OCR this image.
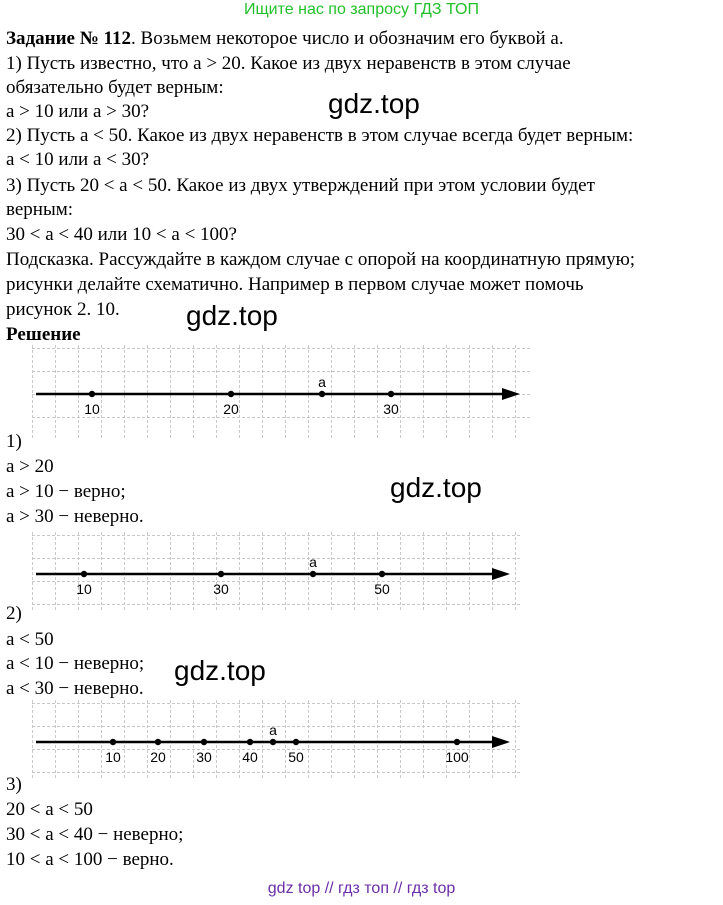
Ищите нас по запросу ГДЗ ТОП
Задание № 112. Возьмем некоторое число и обозначим его буквой a.
1) Пусть известно, что a > 20. Какое из двух неравенств в этом случае
обязательно будет верным:
a > 10 или a > 30?
2) Пусть a < 50. Какое из двух неравенств в этом случае всегда будет верным:
a < 10 или a < 30?
3) Пусть 20 < a < 50. Какое из двух утверждений при этом условии будет
верным:
30 < a < 40 или 10 < a < 100?
Подсказка. Рассуждайте в каждом случае с опорой на координатную прямую;
рисунки делайте схематично. Например в первом случае может помочь
рисунок 2. 10.
Решение
gdz.top
gdz.top
gdz.top
gdz.top
10	20	30
a
1)
a > 20
a > 10 − верно;
a > 30 − неверно.
10	30	50
a
2)
a < 50
a < 10 − неверно;
a < 30 − неверно.
10 20 30 40 50	100
a
3)
20 < a < 50
30 < a < 40 − неверно;
10 < a < 100 − верно.
gdz top // гдз топ // гдз top
